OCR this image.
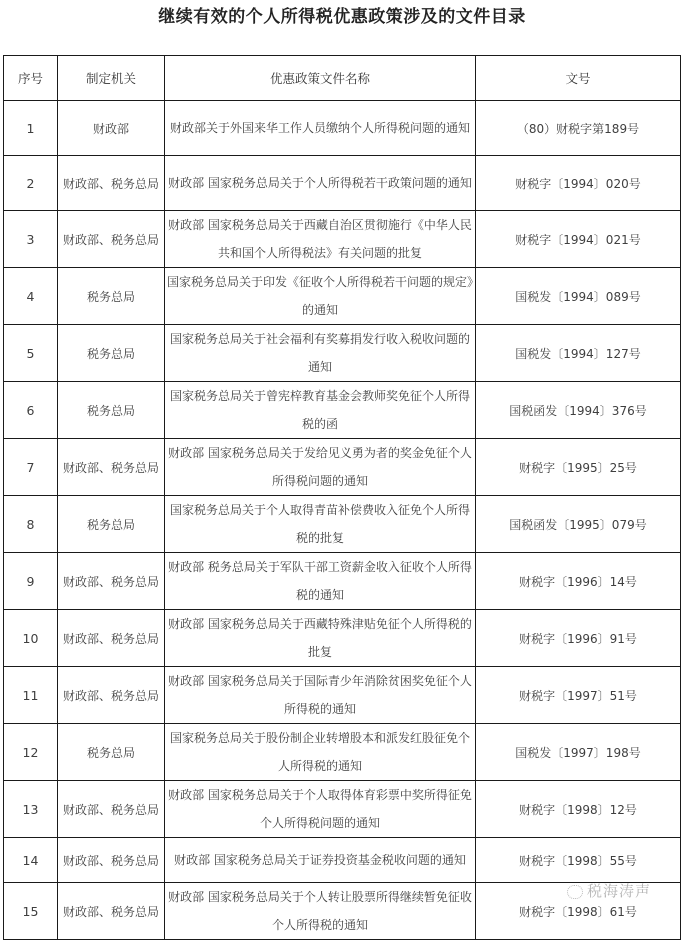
继续有效的个人所得税优惠政策涉及的文件目录
序号	制定机关	优惠政策文件名称	文号
1	财政部	财政部关于外国来华工作人员缴纳个人所得税问题的通知	（80）财税字第189号
2	财政部、税务总局	财政部 国家税务总局关于个人所得税若干政策问题的通知	财税字〔1994〕020号
3	财政部、税务总局	财政部 国家税务总局关于西藏自治区贯彻施行《中华人民共和国个人所得税法》有关问题的批复	财税字〔1994〕021号
4	税务总局	国家税务总局关于印发《征收个人所得税若干问题的规定》的通知	国税发〔1994〕089号
5	税务总局	国家税务总局关于社会福利有奖募捐发行收入税收问题的通知	国税发〔1994〕127号
6	税务总局	国家税务总局关于曾宪梓教育基金会教师奖免征个人所得税的函	国税函发〔1994〕376号
7	财政部、税务总局	财政部 国家税务总局关于发给见义勇为者的奖金免征个人所得税问题的通知	财税字〔1995〕25号
8	税务总局	国家税务总局关于个人取得青苗补偿费收入征免个人所得税的批复	国税函发〔1995〕079号
9	财政部、税务总局	财政部 税务总局关于军队干部工资薪金收入征收个人所得税的通知	财税字〔1996〕14号
10	财政部、税务总局	财政部 国家税务总局关于西藏特殊津贴免征个人所得税的批复	财税字〔1996〕91号
11	财政部、税务总局	财政部 国家税务总局关于国际青少年消除贫困奖免征个人所得税的通知	财税字〔1997〕51号
12	税务总局	国家税务总局关于股份制企业转增股本和派发红股征免个人所得税的通知	国税发〔1997〕198号
13	财政部、税务总局	财政部 国家税务总局关于个人取得体育彩票中奖所得征免个人所得税问题的通知	财税字〔1998〕12号
14	财政部、税务总局	财政部 国家税务总局关于证券投资基金税收问题的通知	财税字〔1998〕55号
15	财政部、税务总局	财政部 国家税务总局关于个人转让股票所得继续暂免征收个人所得税的通知	财税字〔1998〕61号
税海涛声
